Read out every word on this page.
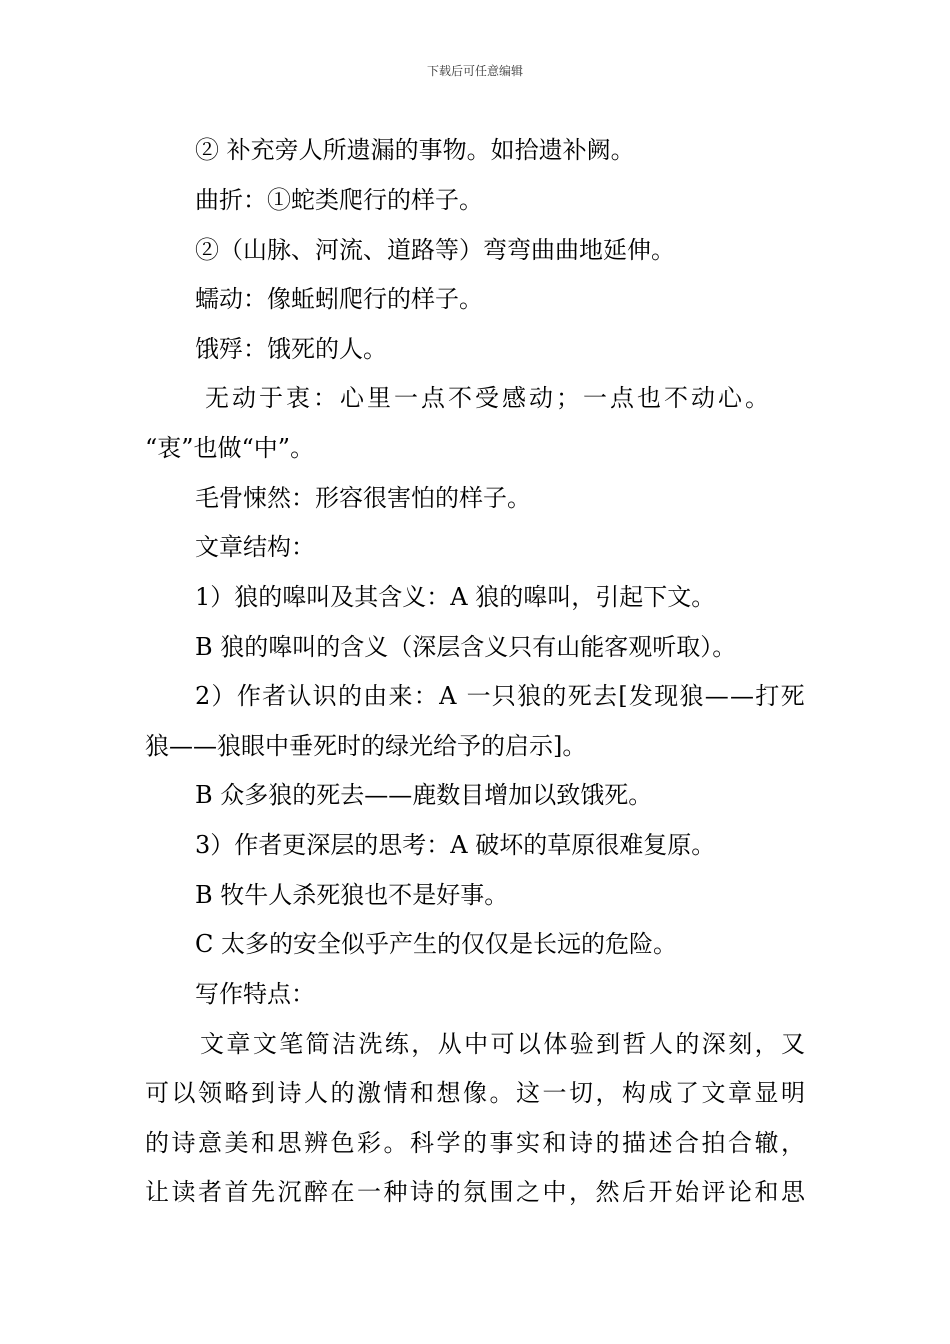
下载后可任意编辑
② 补充旁人所遗漏的事物。如拾遗补阙。
曲折：①蛇类爬行的样子。
②（山脉、河流、道路等）弯弯曲曲地延伸。
蠕动：像蚯蚓爬行的样子。
饿殍：饿死的人。
无动于衷：心里一点不受感动；一点也不动心。
“衷”也做“中”。
毛骨悚然：形容很害怕的样子。
文章结构：
1）狼的嗥叫及其含义：A 狼的嗥叫，引起下文。
B 狼的嗥叫的含义（深层含义只有山能客观听取）。
2）作者认识的由来：A 一只狼的死去[发现狼——打死
狼——狼眼中垂死时的绿光给予的启示]。
B 众多狼的死去——鹿数目增加以致饿死。
3）作者更深层的思考：A 破坏的草原很难复原。
B 牧牛人杀死狼也不是好事。
C 太多的安全似乎产生的仅仅是长远的危险。
写作特点：
文章文笔简洁洗练，从中可以体验到哲人的深刻，又
可以领略到诗人的激情和想像。这一切，构成了文章显明
的诗意美和思辨色彩。科学的事实和诗的描述合拍合辙，
让读者首先沉醉在一种诗的氛围之中，然后开始评论和思
